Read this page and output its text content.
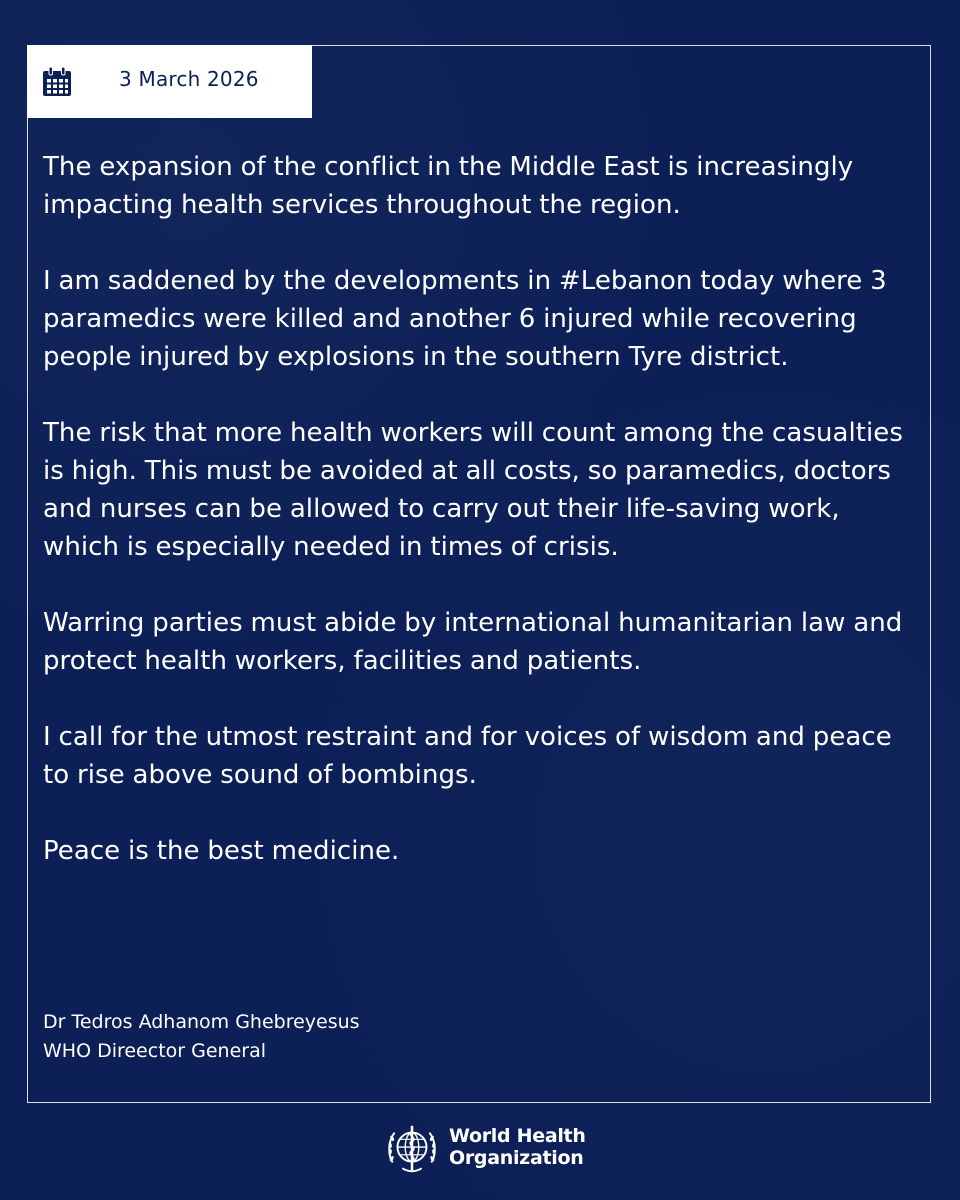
3 March 2026

The expansion of the conflict in the Middle East is increasingly impacting health services throughout the region.

I am saddened by the developments in #Lebanon today where 3 paramedics were killed and another 6 injured while recovering people injured by explosions in the southern Tyre district.

The risk that more health workers will count among the casualties is high. This must be avoided at all costs, so paramedics, doctors and nurses can be allowed to carry out their life-saving work, which is especially needed in times of crisis.

Warring parties must abide by international humanitarian law and protect health workers, facilities and patients.

I call for the utmost restraint and for voices of wisdom and peace to rise above sound of bombings.

Peace is the best medicine.

Dr Tedros Adhanom Ghebreyesus
WHO Direector General
World Health
Organization
